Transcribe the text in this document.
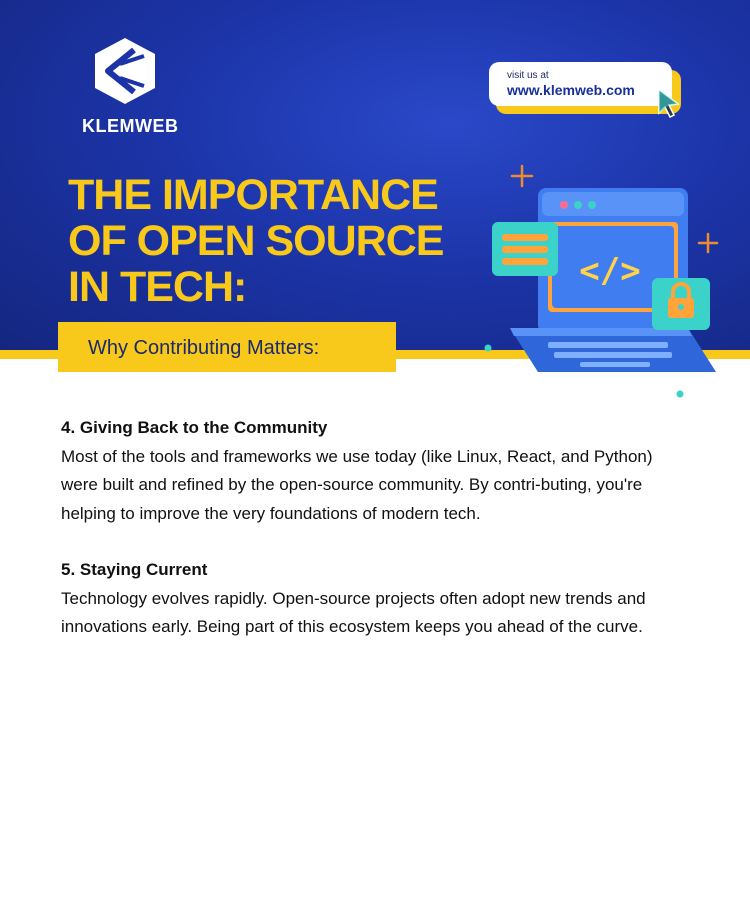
KLEMWEB
visit us at
www.klemweb.com
THE IMPORTANCE
OF OPEN SOURCE
IN TECH:
Why Contributing Matters:
</>
4. Giving Back to the Community
Most of the tools and frameworks we use today (like Linux, React, and Python) were built and refined by the open-source community. By contri-buting, you're helping to improve the very foundations of modern tech.
5. Staying Current
Technology evolves rapidly. Open-source projects often adopt new trends and innovations early. Being part of this ecosystem keeps you ahead of the curve.
